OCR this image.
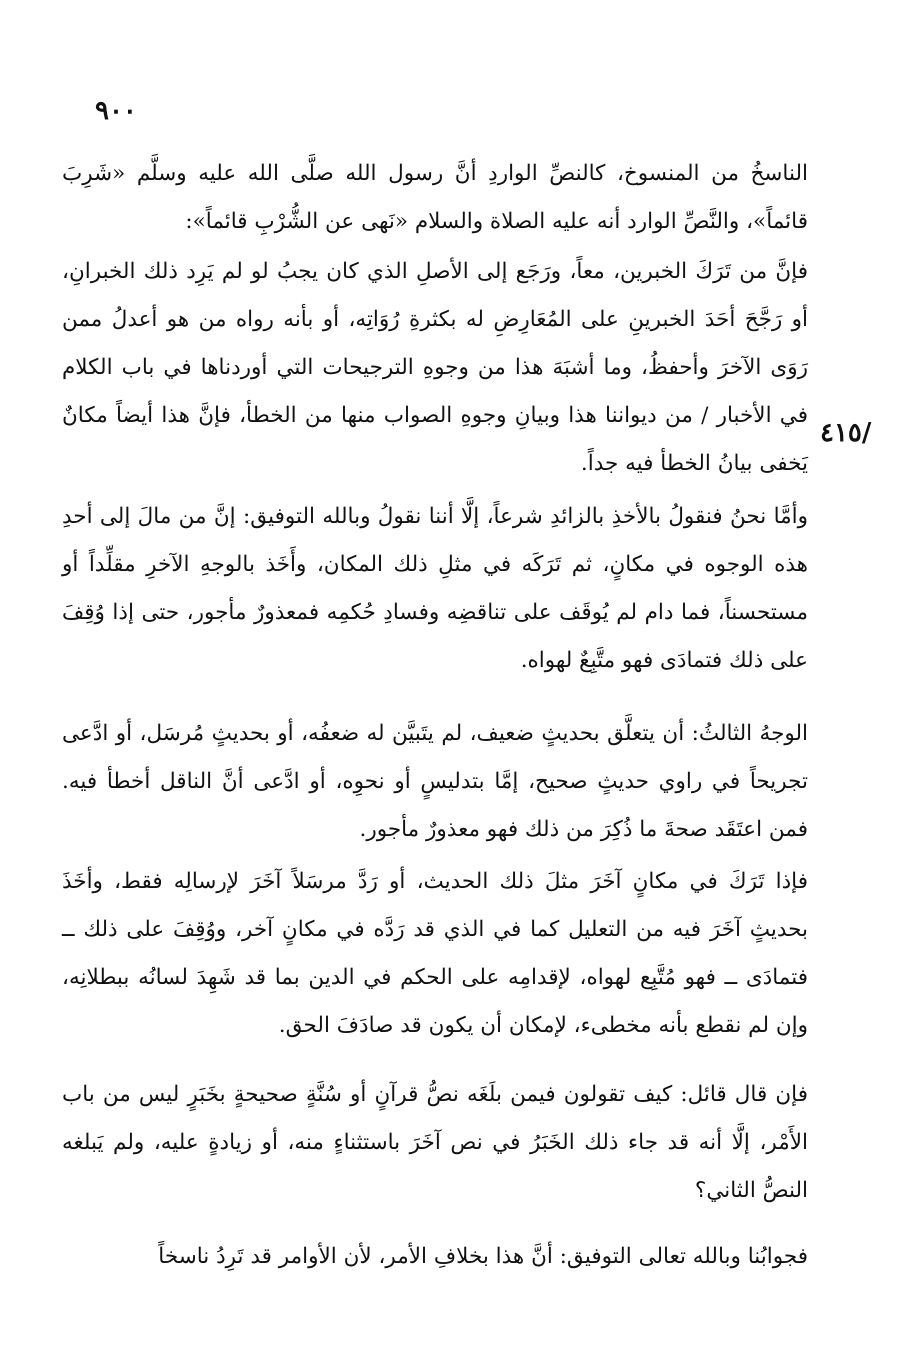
٩٠٠
/٤١٥

الناسخُ من المنسوخ، كالنصِّ الواردِ أنَّ رسول الله صلَّى الله عليه وسلَّم «شَرِبَ قائماً»، والنَّصِّ الوارد أنه عليه الصلاة والسلام «نَهى عن الشُّرْبِ قائماً»:

فإنَّ من تَرَكَ الخبرين، معاً، ورَجَع إلى الأصلِ الذي كان يجبُ لو لم يَرِد ذلك الخبرانِ، أو رَجَّحَ أحَدَ الخبرينِ على المُعَارِضِ له بكثرةِ رُوَاتِه، أو بأنه رواه من هو أعدلُ ممن رَوَى الآخرَ وأحفظُ، وما أشبَهَ هذا من وجوهِ الترجيحات التي أوردناها في باب الكلام في الأخبار / من ديواننا هذا وبيانِ وجوهِ الصواب منها من الخطأ، فإنَّ هذا أيضاً مكانٌ يَخفى بيانُ الخطأ فيه جداً.

وأمَّا نحنُ فنقولُ بالأخذِ بالزائدِ شرعاً، إلَّا أننا نقولُ وبالله التوفيق: إنَّ من مالَ إلى أحدِ هذه الوجوه في مكانٍ، ثم تَرَكَه في مثلِ ذلك المكان، وأَخَذ بالوجهِ الآخرِ مقلِّداً أو مستحسناً، فما دام لم يُوقَف على تناقضِه وفسادِ حُكمِه فمعذورٌ مأجور، حتى إذا وُقِفَ على ذلك فتمادَى فهو متَّبِعٌ لهواه.

الوجهُ الثالثُ: أن يتعلَّق بحديثٍ ضعيف، لم يتَبيَّن له ضعفُه، أو بحديثٍ مُرسَل، أو ادَّعى تجريحاً في راوي حديثٍ صحيح، إمَّا بتدليسٍ أو نحوِه، أو ادَّعى أنَّ الناقل أخطأ فيه. فمن اعتَقَد صحةَ ما ذُكِرَ من ذلك فهو معذورٌ مأجور.

فإذا تَرَكَ في مكانٍ آخَرَ مثلَ ذلك الحديث، أو رَدَّ مرسَلاً آخَرَ لإرسالِه فقط، وأخَذَ بحديثٍ آخَرَ فيه من التعليل كما في الذي قد رَدَّه في مكانٍ آخر، ووُقِفَ على ذلك ــ فتمادَى ــ فهو مُتَّبِع لهواه، لإقدامِه على الحكم في الدين بما قد شَهِدَ لسانُه ببطلانِه، وإن لم نقطع بأنه مخطىء، لإمكان أن يكون قد صادَفَ الحق.

فإن قال قائل: كيف تقولون فيمن بلَغَه نصُّ قرآنٍ أو سُنَّةٍ صحيحةٍ بخَبَرٍ ليس من باب الأَمْر، إلَّا أنه قد جاء ذلك الخَبَرُ في نص آخَرَ باستثناءٍ منه، أو زيادةٍ عليه، ولم يَبلغه النصُّ الثاني؟

فجوابُنا وبالله تعالى التوفيق: أنَّ هذا بخلافِ الأمر، لأن الأوامر قد تَرِدُ ناسخاً
